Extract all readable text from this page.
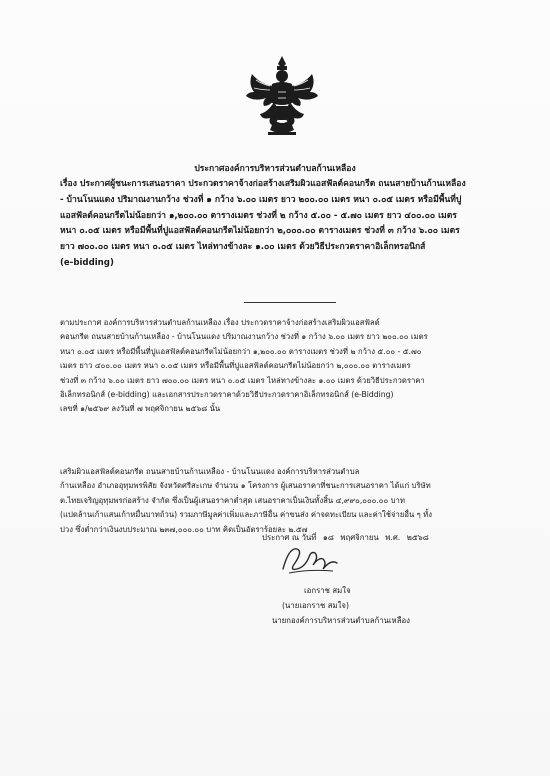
ประกาศองค์การบริหารส่วนตำบลก้านเหลือง
เรื่อง ประกาศผู้ชนะการเสนอราคา ประกวดราคาจ้างก่อสร้างเสริมผิวแอสฟัลต์คอนกรีต ถนนสายบ้านก้านเหลือง
- บ้านโนนแดง ปริมาณงานกว้าง ช่วงที่ ๑ กว้าง ๖.๐๐ เมตร ยาว ๒๐๐.๐๐ เมตร หนา ๐.๐๕ เมตร หรือมีพื้นที่ปู
แอสฟัลต์คอนกรีตไม่น้อยกว่า ๑,๒๐๐.๐๐ ตารางเมตร ช่วงที่ ๒ กว้าง ๕.๐๐ - ๕.๗๐ เมตร ยาว ๔๐๐.๐๐ เมตร
หนา ๐.๐๕ เมตร หรือมีพื้นที่ปูแอสฟัลต์คอนกรีตไม่น้อยกว่า ๒,๐๐๐.๐๐ ตารางเมตร ช่วงที่ ๓ กว้าง ๖.๐๐ เมตร
ยาว ๗๐๐.๐๐ เมตร หนา ๐.๐๕ เมตร ไหล่ทางข้างละ ๑.๐๐ เมตร ด้วยวิธีประกวดราคาอิเล็กทรอนิกส์
(e-bidding)
ตามประกาศ องค์การบริหารส่วนตำบลก้านเหลือง เรื่อง ประกวดราคาจ้างก่อสร้างเสริมผิวแอสฟัลต์
คอนกรีต ถนนสายบ้านก้านเหลือง - บ้านโนนแดง ปริมาณงานกว้าง ช่วงที่ ๑ กว้าง ๖.๐๐ เมตร ยาว ๒๐๐.๐๐ เมตร
หนา ๐.๐๕ เมตร หรือมีพื้นที่ปูแอสฟัลต์คอนกรีตไม่น้อยกว่า ๑,๒๐๐.๐๐ ตารางเมตร ช่วงที่ ๒ กว้าง ๕.๐๐ - ๕.๗๐
เมตร ยาว ๔๐๐.๐๐ เมตร หนา ๐.๐๕ เมตร หรือมีพื้นที่ปูแอสฟัลต์คอนกรีตไม่น้อยกว่า ๒,๐๐๐.๐๐ ตารางเมตร
ช่วงที่ ๓ กว้าง ๖.๐๐ เมตร ยาว ๗๐๐.๐๐ เมตร หนา ๐.๐๕ เมตร ไหล่ทางข้างละ ๑.๐๐ เมตร ด้วยวิธีประกวดราคา
อิเล็กทรอนิกส์ (e-bidding) และเอกสารประกวดราคาด้วยวิธีประกวดราคาอิเล็กทรอนิกส์ (e-Bidding)
เลขที่ ๑/๒๕๖๙ ลงวันที่ ๗ พฤศจิกายน ๒๕๖๘ นั้น
เสริมผิวแอสฟัลต์คอนกรีต ถนนสายบ้านก้านเหลือง - บ้านโนนแดง องค์การบริหารส่วนตำบล
ก้านเหลือง อำเภออุทุมพรพิสัย จังหวัดศรีสะเกษ จำนวน ๑ โครงการ ผู้เสนอราคาที่ชนะการเสนอราคา ได้แก่ บริษัท
ต.ไทยเจริญอุทุมพรก่อสร้าง จำกัด ซึ่งเป็นผู้เสนอราคาต่ำสุด เสนอราคาเป็นเงินทั้งสิ้น ๔,๙๙๐,๐๐๐.๐๐ บาท
(แปดล้านเก้าแสนเก้าหมื่นบาทถ้วน) รวมภาษีมูลค่าเพิ่มและภาษีอื่น ค่าขนส่ง ค่าจดทะเบียน และค่าใช้จ่ายอื่น ๆ ทั้ง
ปวง ซึ่งต่ำกว่าเงินงบประมาณ ๒๓๗,๐๐๐.๐๐ บาท คิดเป็นอัตราร้อยละ ๒.๕๗
ประกาศ ณ วันที่ ๑๘ พฤศจิกายน พ.ศ. ๒๕๖๘
เอกราช สมใจ
(นายเอกราช สมใจ)
นายกองค์การบริหารส่วนตำบลก้านเหลือง
